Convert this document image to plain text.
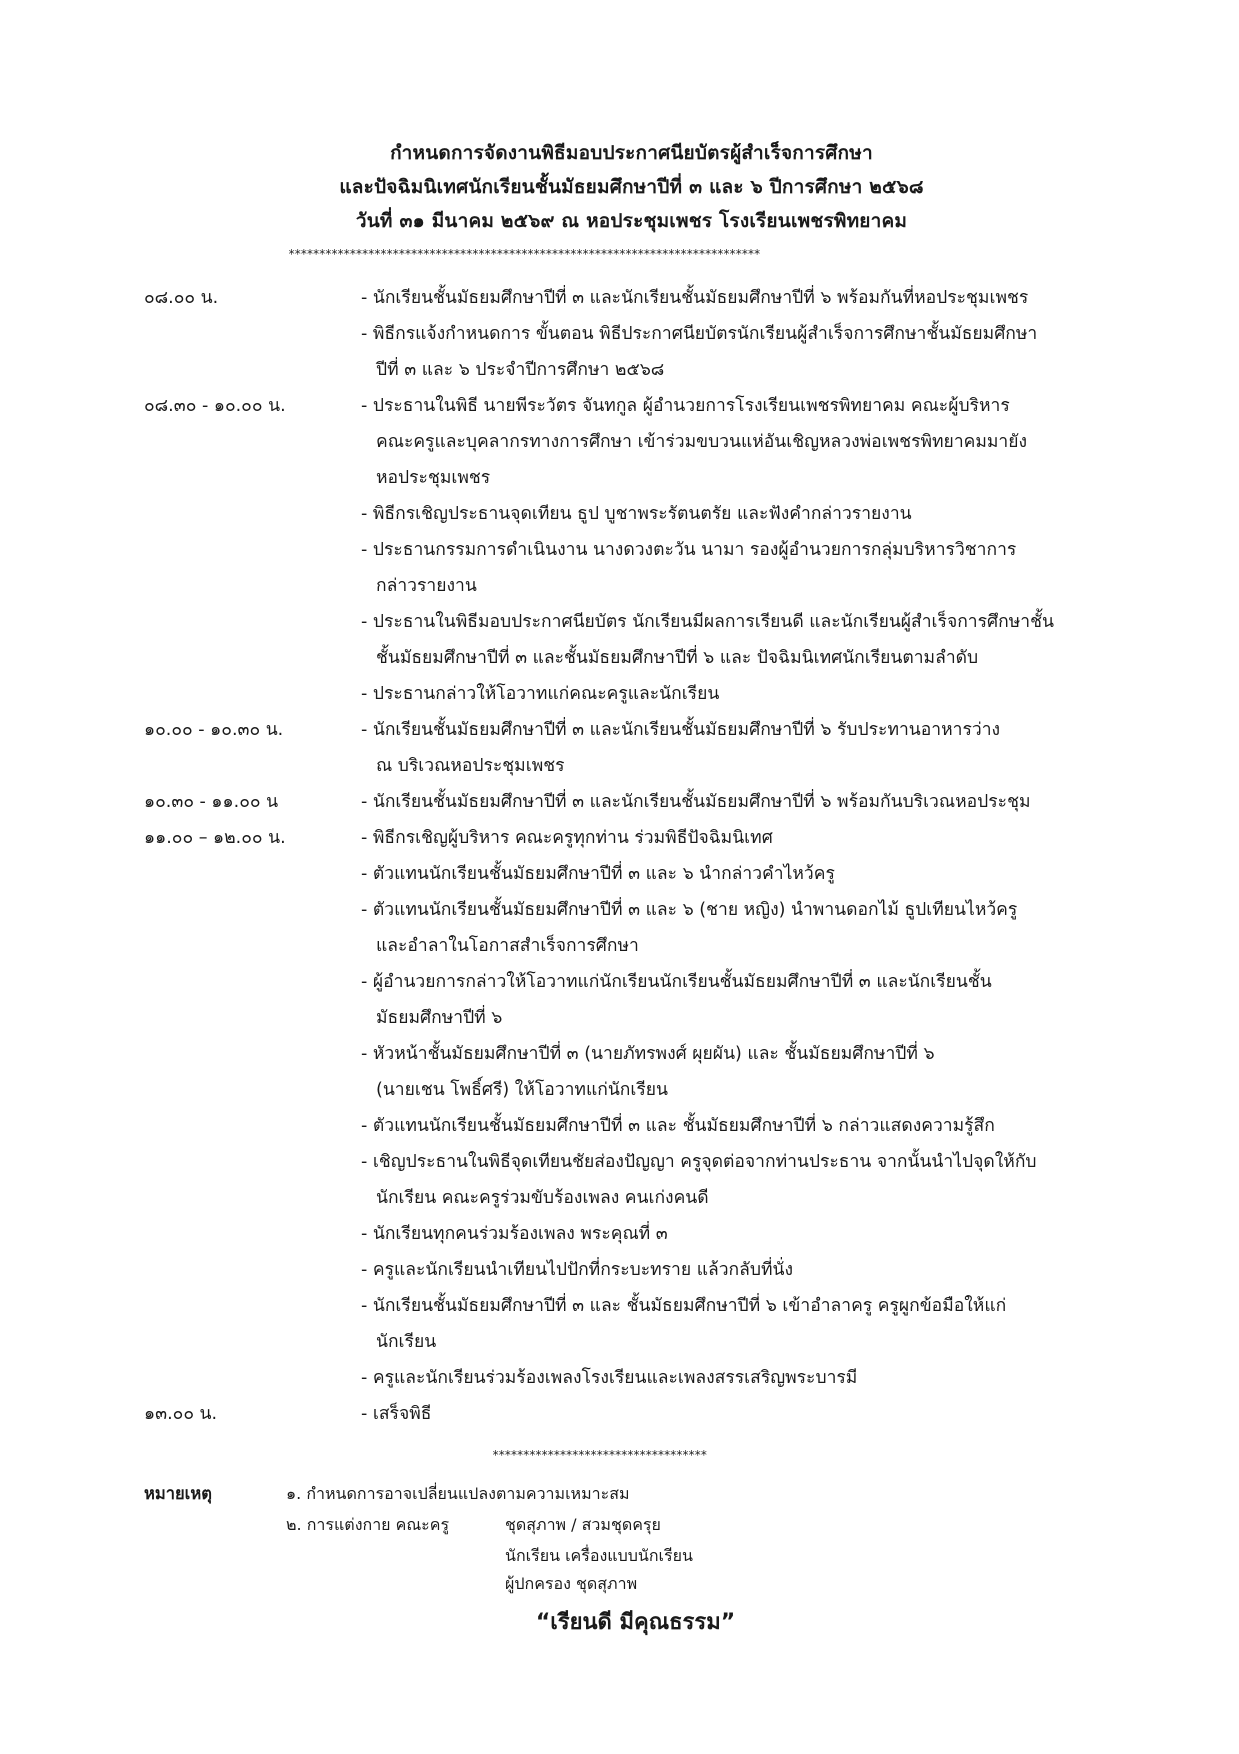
กำหนดการจัดงานพิธีมอบประกาศนียบัตรผู้สำเร็จการศึกษา
และปัจฉิมนิเทศนักเรียนชั้นมัธยมศึกษาปีที่ ๓ และ ๖ ปีการศึกษา ๒๕๖๘
วันที่ ๓๑ มีนาคม ๒๕๖๙ ณ หอประชุมเพชร โรงเรียนเพชรพิทยาคม
*****************************************************************************
๐๘.๐๐ น.	- นักเรียนชั้นมัธยมศึกษาปีที่ ๓ และนักเรียนชั้นมัธยมศึกษาปีที่ ๖ พร้อมกันที่หอประชุมเพชร
- พิธีกรแจ้งกำหนดการ ขั้นตอน พิธีประกาศนียบัตรนักเรียนผู้สำเร็จการศึกษาชั้นมัธยมศึกษา
ปีที่ ๓ และ ๖ ประจำปีการศึกษา ๒๕๖๘
๐๘.๓๐ - ๑๐.๐๐ น.	- ประธานในพิธี นายพีระวัตร จันทกูล ผู้อำนวยการโรงเรียนเพชรพิทยาคม คณะผู้บริหาร
คณะครูและบุคลากรทางการศึกษา เข้าร่วมขบวนแห่อันเชิญหลวงพ่อเพชรพิทยาคมมายัง
หอประชุมเพชร
- พิธีกรเชิญประธานจุดเทียน ธูป บูชาพระรัตนตรัย และฟังคำกล่าวรายงาน
- ประธานกรรมการดำเนินงาน นางดวงตะวัน นามา รองผู้อำนวยการกลุ่มบริหารวิชาการ
กล่าวรายงาน
- ประธานในพิธีมอบประกาศนียบัตร นักเรียนมีผลการเรียนดี และนักเรียนผู้สำเร็จการศึกษาชั้น
ชั้นมัธยมศึกษาปีที่ ๓ และชั้นมัธยมศึกษาปีที่ ๖ และ ปัจฉิมนิเทศนักเรียนตามลำดับ
- ประธานกล่าวให้โอวาทแก่คณะครูและนักเรียน
๑๐.๐๐ - ๑๐.๓๐ น.	- นักเรียนชั้นมัธยมศึกษาปีที่ ๓ และนักเรียนชั้นมัธยมศึกษาปีที่ ๖ รับประทานอาหารว่าง
ณ บริเวณหอประชุมเพชร
๑๐.๓๐ - ๑๑.๐๐ น	- นักเรียนชั้นมัธยมศึกษาปีที่ ๓ และนักเรียนชั้นมัธยมศึกษาปีที่ ๖ พร้อมกันบริเวณหอประชุม
๑๑.๐๐ – ๑๒.๐๐ น.	- พิธีกรเชิญผู้บริหาร คณะครูทุกท่าน ร่วมพิธีปัจฉิมนิเทศ
- ตัวแทนนักเรียนชั้นมัธยมศึกษาปีที่ ๓ และ ๖ นำกล่าวคำไหว้ครู
- ตัวแทนนักเรียนชั้นมัธยมศึกษาปีที่ ๓ และ ๖ (ชาย หญิง) นำพานดอกไม้ ธูปเทียนไหว้ครู
และอำลาในโอกาสสำเร็จการศึกษา
- ผู้อำนวยการกล่าวให้โอวาทแก่นักเรียนนักเรียนชั้นมัธยมศึกษาปีที่ ๓ และนักเรียนชั้น
มัธยมศึกษาปีที่ ๖
- หัวหน้าชั้นมัธยมศึกษาปีที่ ๓ (นายภัทรพงศ์ ผุยผัน) และ ชั้นมัธยมศึกษาปีที่ ๖
(นายเชน โพธิ์ศรี) ให้โอวาทแก่นักเรียน
- ตัวแทนนักเรียนชั้นมัธยมศึกษาปีที่ ๓ และ ชั้นมัธยมศึกษาปีที่ ๖ กล่าวแสดงความรู้สึก
- เชิญประธานในพิธีจุดเทียนชัยส่องปัญญา ครูจุดต่อจากท่านประธาน จากนั้นนำไปจุดให้กับ
นักเรียน คณะครูร่วมขับร้องเพลง คนเก่งคนดี
- นักเรียนทุกคนร่วมร้องเพลง พระคุณที่ ๓
- ครูและนักเรียนนำเทียนไปปักที่กระบะทราย แล้วกลับที่นั่ง
- นักเรียนชั้นมัธยมศึกษาปีที่ ๓ และ ชั้นมัธยมศึกษาปีที่ ๖ เข้าอำลาครู ครูผูกข้อมือให้แก่
นักเรียน
- ครูและนักเรียนร่วมร้องเพลงโรงเรียนและเพลงสรรเสริญพระบารมี
๑๓.๐๐ น.	- เสร็จพิธี
***********************************
หมายเหตุ	๑. กำหนดการอาจเปลี่ยนแปลงตามความเหมาะสม
๒. การแต่งกาย คณะครู	ชุดสุภาพ / สวมชุดครุย
นักเรียน เครื่องแบบนักเรียน
ผู้ปกครอง ชุดสุภาพ
“เรียนดี มีคุณธรรม”
